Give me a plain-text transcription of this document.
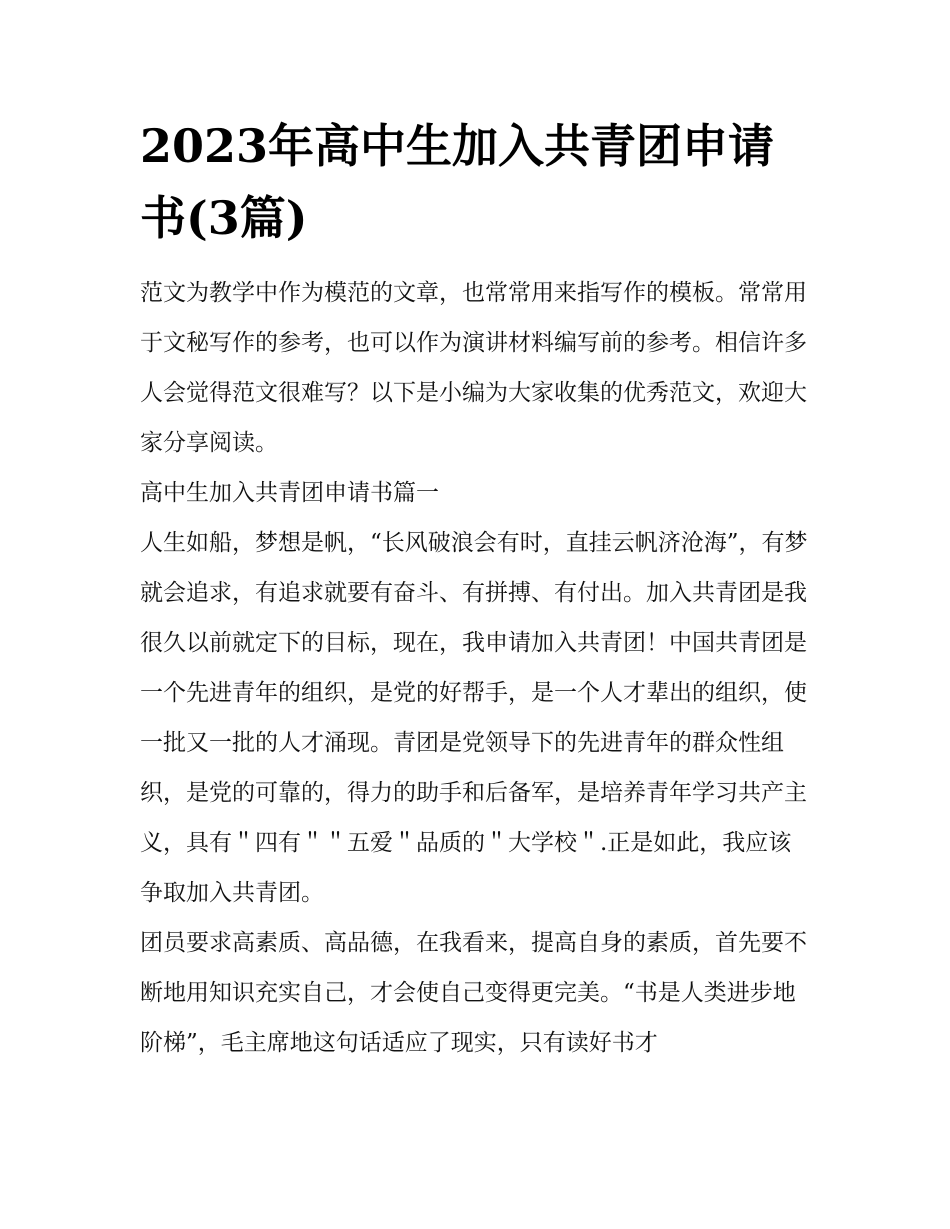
2023年高中生加入共青团申请书(3篇)

范文为教学中作为模范的文章，也常常用来指写作的模板。常常用于文秘写作的参考，也可以作为演讲材料编写前的参考。相信许多人会觉得范文很难写？以下是小编为大家收集的优秀范文，欢迎大家分享阅读。

高中生加入共青团申请书篇一

人生如船，梦想是帆，“长风破浪会有时，直挂云帆济沧海”，有梦就会追求，有追求就要有奋斗、有拼搏、有付出。加入共青团是我很久以前就定下的目标，现在，我申请加入共青团！中国共青团是一个先进青年的组织，是党的好帮手，是一个人才辈出的组织，使一批又一批的人才涌现。青团是党领导下的先进青年的群众性组织，是党的可靠的，得力的助手和后备军，是培养青年学习共产主义，具有＂四有＂＂五爱＂品质的＂大学校＂.正是如此，我应该争取加入共青团。

团员要求高素质、高品德，在我看来，提高自身的素质，首先要不断地用知识充实自己，才会使自己变得更完美。“书是人类进步地阶梯”，毛主席地这句话适应了现实，只有读好书才
